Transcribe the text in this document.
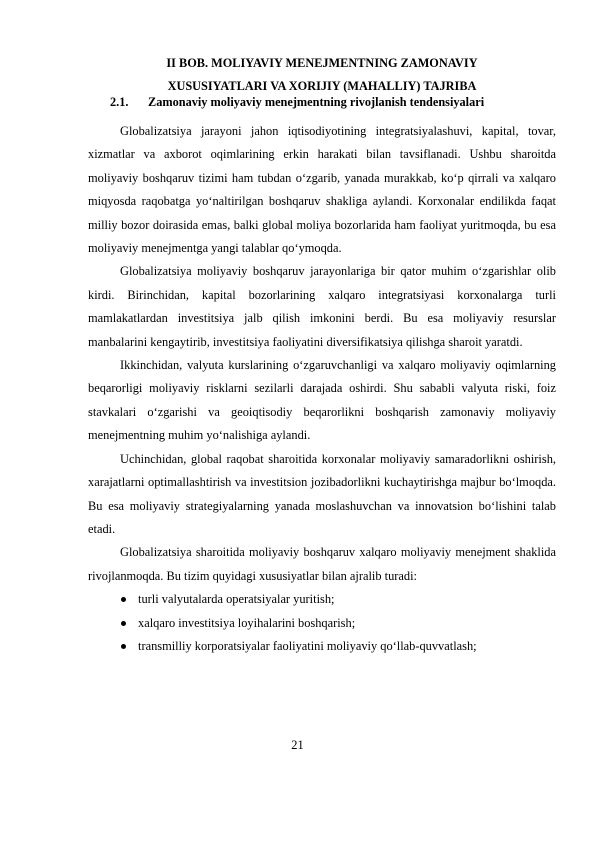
II BOB. MOLIYAVIY MENEJMENTNING ZAMONAVIY
XUSUSIYATLARI VA XORIJIY (MAHALLIY) TAJRIBA
2.1. Zamonaviy moliyaviy menejmentning rivojlanish tendensiyalari

Globalizatsiya jarayoni jahon iqtisodiyotining integratsiyalashuvi, kapital, tovar, xizmatlar va axborot oqimlarining erkin harakati bilan tavsiflanadi. Ushbu sharoitda moliyaviy boshqaruv tizimi ham tubdan o‘zgarib, yanada murakkab, ko‘p qirrali va xalqaro miqyosda raqobatga yo‘naltirilgan boshqaruv shakliga aylandi. Korxonalar endilikda faqat milliy bozor doirasida emas, balki global moliya bozorlarida ham faoliyat yuritmoqda, bu esa moliyaviy menejmentga yangi talablar qo‘ymoqda.

Globalizatsiya moliyaviy boshqaruv jarayonlariga bir qator muhim o‘zgarishlar olib kirdi. Birinchidan, kapital bozorlarining xalqaro integratsiyasi korxonalarga turli mamlakatlardan investitsiya jalb qilish imkonini berdi. Bu esa moliyaviy resurslar manbalarini kengaytirib, investitsiya faoliyatini diversifikatsiya qilishga sharoit yaratdi.

Ikkinchidan, valyuta kurslarining o‘zgaruvchanligi va xalqaro moliyaviy oqimlarning beqarorligi moliyaviy risklarni sezilarli darajada oshirdi. Shu sababli valyuta riski, foiz stavkalari o‘zgarishi va geoiqtisodiy beqarorlikni boshqarish zamonaviy moliyaviy menejmentning muhim yo‘nalishiga aylandi.

Uchinchidan, global raqobat sharoitida korxonalar moliyaviy samaradorlikni oshirish, xarajatlarni optimallashtirish va investitsion jozibadorlikni kuchaytirishga majbur bo‘lmoqda. Bu esa moliyaviy strategiyalarning yanada moslashuvchan va innovatsion bo‘lishini talab etadi.

Globalizatsiya sharoitida moliyaviy boshqaruv xalqaro moliyaviy menejment shaklida rivojlanmoqda. Bu tizim quyidagi xususiyatlar bilan ajralib turadi:

turli valyutalarda operatsiyalar yuritish;
xalqaro investitsiya loyihalarini boshqarish;
transmilliy korporatsiyalar faoliyatini moliyaviy qo‘llab-quvvatlash;
21
